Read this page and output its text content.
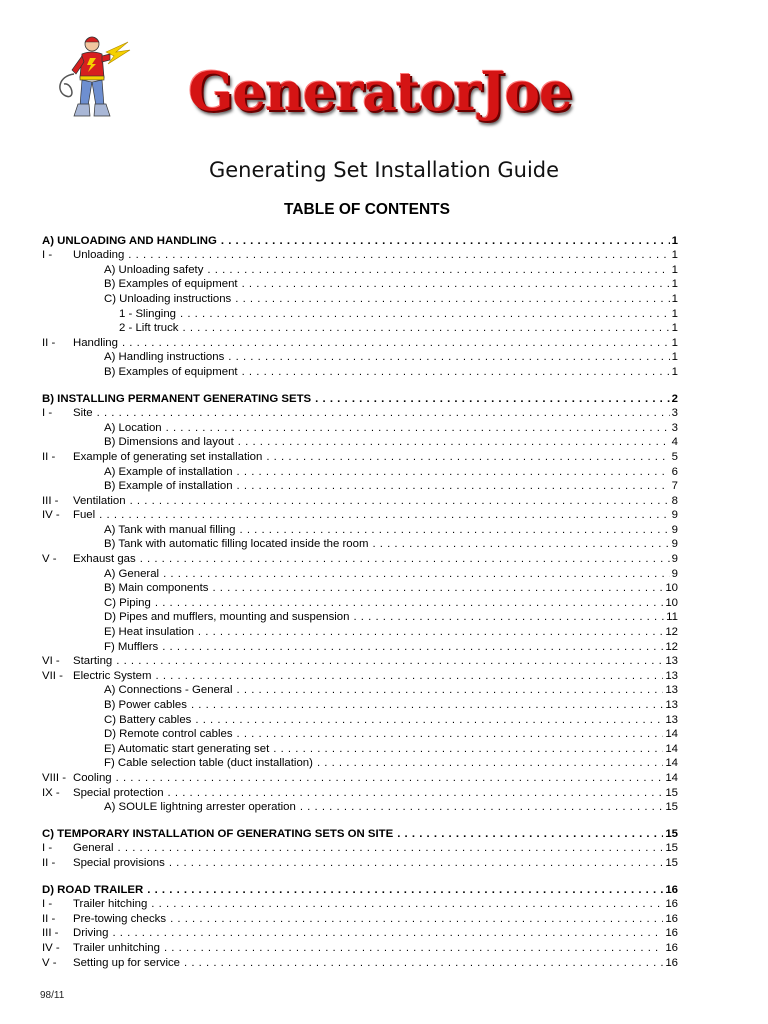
GeneratorJoe
Generating Set Installation Guide
TABLE OF CONTENTS
A) UNLOADING AND HANDLING . . .	1
I -	Unloading . . .	1
A) Unloading safety . . .	1
B) Examples of equipment . . .	1
C) Unloading instructions . . .	1
1 - Slinging . . .	1
2 - Lift truck . . .	1
II -	Handling . . .	1
A) Handling instructions . . .	1
B) Examples of equipment . . .	1
B) INSTALLING PERMANENT GENERATING SETS . . .	2
I -	Site . . .	3
A) Location . . .	3
B) Dimensions and layout . . .	4
II -	Example of generating set installation . . .	5
A) Example of installation . . .	6
B) Example of installation . . .	7
III -	Ventilation . . .	8
IV -	Fuel . . .	9
A) Tank with manual filling . . .	9
B) Tank with automatic filling located inside the room . . .	9
V -	Exhaust gas . . .	9
A) General . . .	9
B) Main components . . .	10
C) Piping . . .	10
D) Pipes and mufflers, mounting and suspension . . .	11
E) Heat insulation . . .	12
F) Mufflers . . .	12
VI -	Starting . . .	13
VII - Electric System . . .	13
A) Connections - General . . .	13
B) Power cables . . .	13
C) Battery cables . . .	13
D) Remote control cables . . .	14
E) Automatic start generating set . . .	14
F) Cable selection table (duct installation) . . .	14
VIII - Cooling . . .	14
IX -	Special protection . . .	15
A) SOULE lightning arrester operation . . .	15
C) TEMPORARY INSTALLATION OF GENERATING SETS ON SITE . . .	15
I -	General . . .	15
II -	Special provisions . . .	15
D) ROAD TRAILER . . .	16
I -	Trailer hitching . . .	16
II -	Pre-towing checks . . .	16
III -	Driving . . .	16
IV -	Trailer unhitching . . .	16
V -	Setting up for service . . .	16
98/11
